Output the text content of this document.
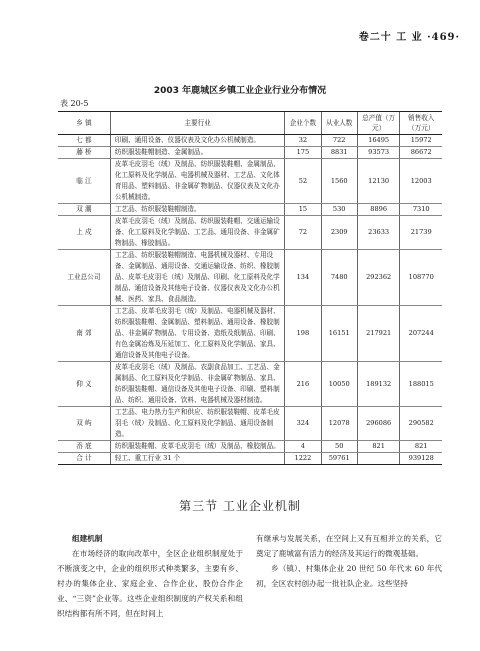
卷二十 工 业 ·469·
2003 年鹿城区乡镇工业企业行业分布情况
表 20-5
乡 镇	主要行业	企业个数	从业人数	总产值（万元）	销售收入（万元）
七 都	印刷、通用设备、仪器仪表及文化办公机械制造。	32	722	16495	15972
藤 桥	纺织服装鞋帽制造、金属制品。	175	8831	93573	86672
临 江	皮革毛皮羽毛（绒）及制品、纺织服装鞋帽、金属制品、化工原料及化学制品、电器机械及器材、工艺品、文化体育用品、塑料制品、非金属矿物制品、仪器仪表及文化办公机械制造。	52	1560	12130	12003
双 潮	工艺品、纺织服装鞋帽制造。	15	530	8896	7310
上 戍	皮革毛皮羽毛（绒）及制品、纺织服装鞋帽、交通运输设备、化工原料及化学制品、工艺品、通用设备、非金属矿物制品、橡胶制品。	72	2309	23633	21739
工业总公司	工艺品、纺织服装鞋帽制造、电器机械及器材、专用设备、金属制品、通用设备、交通运输设备、纺织、橡胶制品、皮革毛皮羽毛（绒）及制品、印刷、化工原料及化学制品、通信设备及其他电子设备、仪器仪表及文化办公机械、医药、家具、食品制造。	134	7480	292362	108770
南 郊	工艺品、皮革毛皮羽毛（绒）及制品、电器机械及器材、纺织服装鞋帽、金属制品、塑料制品、通用设备、橡胶制品、非金属矿物制品、专用设备、造纸及纸制品、印刷、有色金属冶炼及压延加工、化工原料及化学制品、家具、通信设备及其他电子设备。	198	16151	217921	207244
仰 义	皮革毛皮羽毛（绒）及制品、农副食品加工、工艺品、金属制品、化工原料及化学制品、非金属矿物制品、家具、纺织服装鞋帽、通信设备及其他电子设备、印刷、塑料制品、纺织、通用设备、饮料、电器机械及器材制造。	216	10050	189132	188015
双 屿	工艺品、电力热力生产和供应、纺织服装鞋帽、皮革毛皮羽毛（绒）及制品、化工原料及化学制品、通用设备制造。	324	12078	296086	290582
岙 底	纺织服装鞋帽、皮革毛皮羽毛（绒）及制品、橡胶制品。	4	50	821	821
合 计	轻工、重工行业 31 个	1222	59761		939128
第三节 工业企业机制

组建机制

在市场经济的取向改革中，全区企业组织制度处于不断演变之中，企业的组织形式种类繁多，主要有乡、村办的集体企业、家庭企业、合作企业、股份合作企业、“三资”企业等。这些企业组织制度的产权关系和组织结构都有所不同，但在时间上

有继承与发展关系，在空间上又有互相并立的关系，它奠定了鹿城富有活力的经济及其运行的微观基础。

乡（镇）、村集体企业 20 世纪 50 年代末 60 年代初，全区农村创办起一批社队企业。这些坚持
